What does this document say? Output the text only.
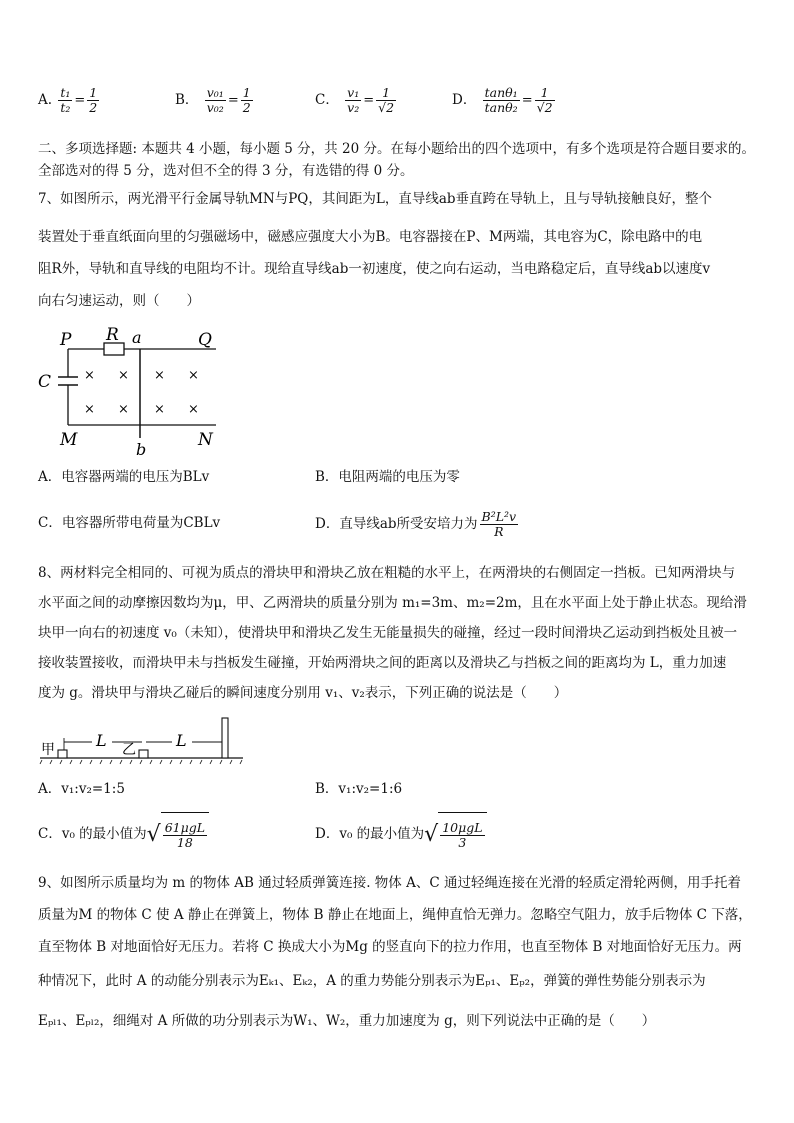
A. $\frac{\text{t₁}}{\text{t₂}} = \frac{1}{2}$	B． $\frac{\text{v₀₁}}{\text{v₀₂}} = \frac{1}{2}$	C． $\frac{\text{v₁}}{\text{v₂}} = \frac{1}{√2}$	D． $\frac{\text{tanθ₁}}{\text{tanθ₂}} = \frac{1}{√2}$
二、多项选择题: 本题共 4 小题，每小题 5 分，共 20 分。在每小题给出的四个选项中，有多个选项是符合题目要求的。
全部选对的得 5 分，选对但不全的得 3 分，有选错的得 0 分。
7、如图所示，两光滑平行金属导轨MN与PQ，其间距为L，直导线ab垂直跨在导轨上，且与导轨接触良好，整个
装置处于垂直纸面向里的匀强磁场中，磁感应强度大小为B。电容器接在P、M两端，其电容为C，除电路中的电
阻R外，导轨和直导线的电阻均不计。现给直导线ab一初速度，使之向右运动，当电路稳定后，直导线ab以速度v
向右匀速运动，则（　　）
P R a	Q
C
M	b	N
× × × ×
× × × ×
A．电容器两端的电压为BLv	B．电阻两端的电压为零
C．电容器所带电荷量为CBLv	D．直导线ab所受安培力为 $\frac{\text{B²L²v}}{R}$
8、两材料完全相同的、可视为质点的滑块甲和滑块乙放在粗糙的水平上，在两滑块的右侧固定一挡板。已知两滑块与
水平面之间的动摩擦因数均为μ，甲、乙两滑块的质量分别为 m₁=3m、m₂=2m，且在水平面上处于静止状态。现给滑
块甲一向右的初速度 v₀（未知），使滑块甲和滑块乙发生无能量损失的碰撞，经过一段时间滑块乙运动到挡板处且被一
接收装置接收，而滑块甲未与挡板发生碰撞，开始两滑块之间的距离以及滑块乙与挡板之间的距离均为 L，重力加速
度为 g。滑块甲与滑块乙碰后的瞬间速度分别用 v₁、v₂表示，下列正确的说法是（　　）
甲	乙
L	L
A．v₁:v₂=1:5	B．v₁:v₂=1:6
C．v₀ 的最小值为√ $\frac{\text{61μgL}}{18}$	D．v₀ 的最小值为√ $\frac{\text{10μgL}}{3}$
9、如图所示质量均为 m 的物体 AB 通过轻质弹簧连接. 物体 A、C 通过轻绳连接在光滑的轻质定滑轮两侧，用手托着
质量为M 的物体 C 使 A 静止在弹簧上，物体 B 静止在地面上，绳伸直恰无弹力。忽略空气阻力，放手后物体 C 下落，
直至物体 B 对地面恰好无压力。若将 C 换成大小为Mg 的竖直向下的拉力作用，也直至物体 B 对地面恰好无压力。两
种情况下，此时 A 的动能分别表示为Eₖ₁、Eₖ₂，A 的重力势能分别表示为Eₚ₁、Eₚ₂，弹簧的弹性势能分别表示为
Eₚₗ₁、Eₚₗ₂，细绳对 A 所做的功分别表示为W₁、W₂，重力加速度为 g，则下列说法中正确的是（　　）
